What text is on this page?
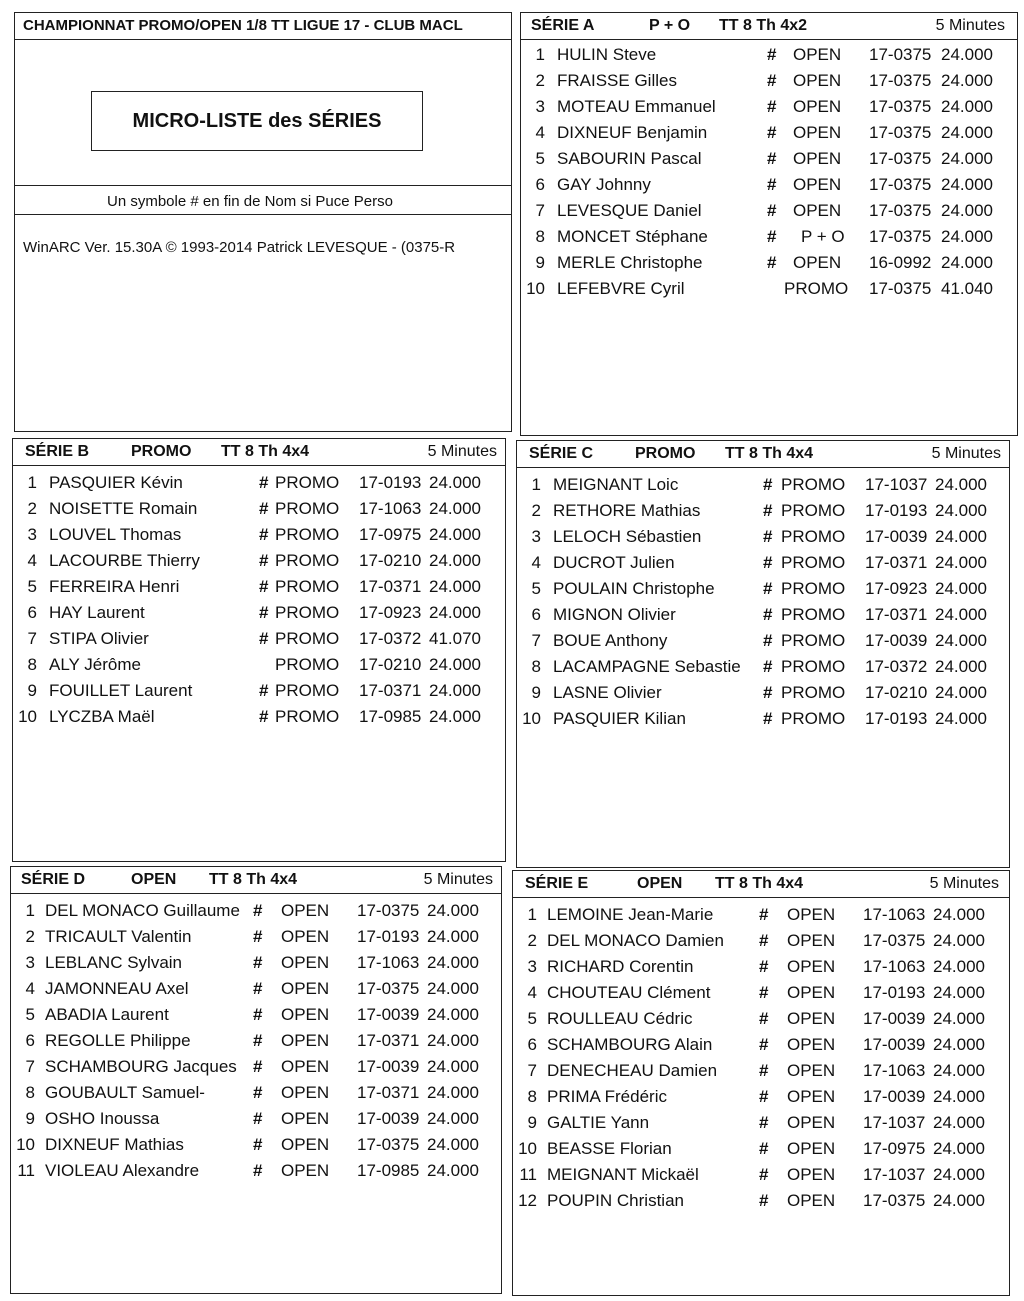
CHAMPIONNAT PROMO/OPEN 1/8 TT LIGUE 17 - CLUB MACL
MICRO-LISTE des SÉRIES
Un symbole # en fin de Nom si Puce Perso
WinARC Ver. 15.30A © 1993-2014 Patrick LEVESQUE - (0375-R
SÉRIE A	P + O TT 8 Th 4x2	5 Minutes
1 HULIN Steve	# OPEN 17-0375 24.000
2 FRAISSE Gilles	# OPEN 17-0375 24.000
3 MOTEAU Emmanuel	# OPEN 17-0375 24.000
4 DIXNEUF Benjamin	# OPEN 17-0375 24.000
5 SABOURIN Pascal	# OPEN 17-0375 24.000
6 GAY Johnny	# OPEN 17-0375 24.000
7 LEVESQUE Daniel	# OPEN 17-0375 24.000
8 MONCET Stéphane	# P + O 17-0375 24.000
9 MERLE Christophe	# OPEN 16-0992 24.000
10 LEFEBVRE Cyril	PROMO 17-0375 41.040
SÉRIE B	PROMO TT 8 Th 4x4	5 Minutes
1 PASQUIER Kévin	# PROMO 17-0193 24.000
2 NOISETTE Romain	# PROMO 17-1063 24.000
3 LOUVEL Thomas	# PROMO 17-0975 24.000
4 LACOURBE Thierry	# PROMO 17-0210 24.000
5 FERREIRA Henri	# PROMO 17-0371 24.000
6 HAY Laurent	# PROMO 17-0923 24.000
7 STIPA Olivier	# PROMO 17-0372 41.070
8 ALY Jérôme	PROMO 17-0210 24.000
9 FOUILLET Laurent	# PROMO 17-0371 24.000
10 LYCZBA Maël	# PROMO 17-0985 24.000
SÉRIE C	PROMO TT 8 Th 4x4	5 Minutes
1 MEIGNANT Loic	# PROMO 17-1037 24.000
2 RETHORE Mathias	# PROMO 17-0193 24.000
3 LELOCH Sébastien	# PROMO 17-0039 24.000
4 DUCROT Julien	# PROMO 17-0371 24.000
5 POULAIN Christophe	# PROMO 17-0923 24.000
6 MIGNON Olivier	# PROMO 17-0371 24.000
7 BOUE Anthony	# PROMO 17-0039 24.000
8 LACAMPAGNE Sebastie # PROMO 17-0372 24.000
9 LASNE Olivier	# PROMO 17-0210 24.000
10 PASQUIER Kilian	# PROMO 17-0193 24.000
SÉRIE D	OPEN TT 8 Th 4x4	5 Minutes
1 DEL MONACO Guillaume # OPEN 17-0375 24.000
2 TRICAULT Valentin	# OPEN 17-0193 24.000
3 LEBLANC Sylvain	# OPEN 17-1063 24.000
4 JAMONNEAU Axel	# OPEN 17-0375 24.000
5 ABADIA Laurent	# OPEN 17-0039 24.000
6 REGOLLE Philippe	# OPEN 17-0371 24.000
7 SCHAMBOURG Jacques # OPEN 17-0039 24.000
8 GOUBAULT Samuel-	# OPEN 17-0371 24.000
9 OSHO Inoussa	# OPEN 17-0039 24.000
10 DIXNEUF Mathias	# OPEN 17-0375 24.000
11 VIOLEAU Alexandre	# OPEN 17-0985 24.000
SÉRIE E	OPEN TT 8 Th 4x4	5 Minutes
1 LEMOINE Jean-Marie	# OPEN 17-1063 24.000
2 DEL MONACO Damien # OPEN 17-0375 24.000
3 RICHARD Corentin	# OPEN 17-1063 24.000
4 CHOUTEAU Clément	# OPEN 17-0193 24.000
5 ROULLEAU Cédric	# OPEN 17-0039 24.000
6 SCHAMBOURG Alain	# OPEN 17-0039 24.000
7 DENECHEAU Damien # OPEN 17-1063 24.000
8 PRIMA Frédéric	# OPEN 17-0039 24.000
9 GALTIE Yann	# OPEN 17-1037 24.000
10 BEASSE Florian	# OPEN 17-0975 24.000
11 MEIGNANT Mickaël	# OPEN 17-1037 24.000
12 POUPIN Christian	# OPEN 17-0375 24.000
